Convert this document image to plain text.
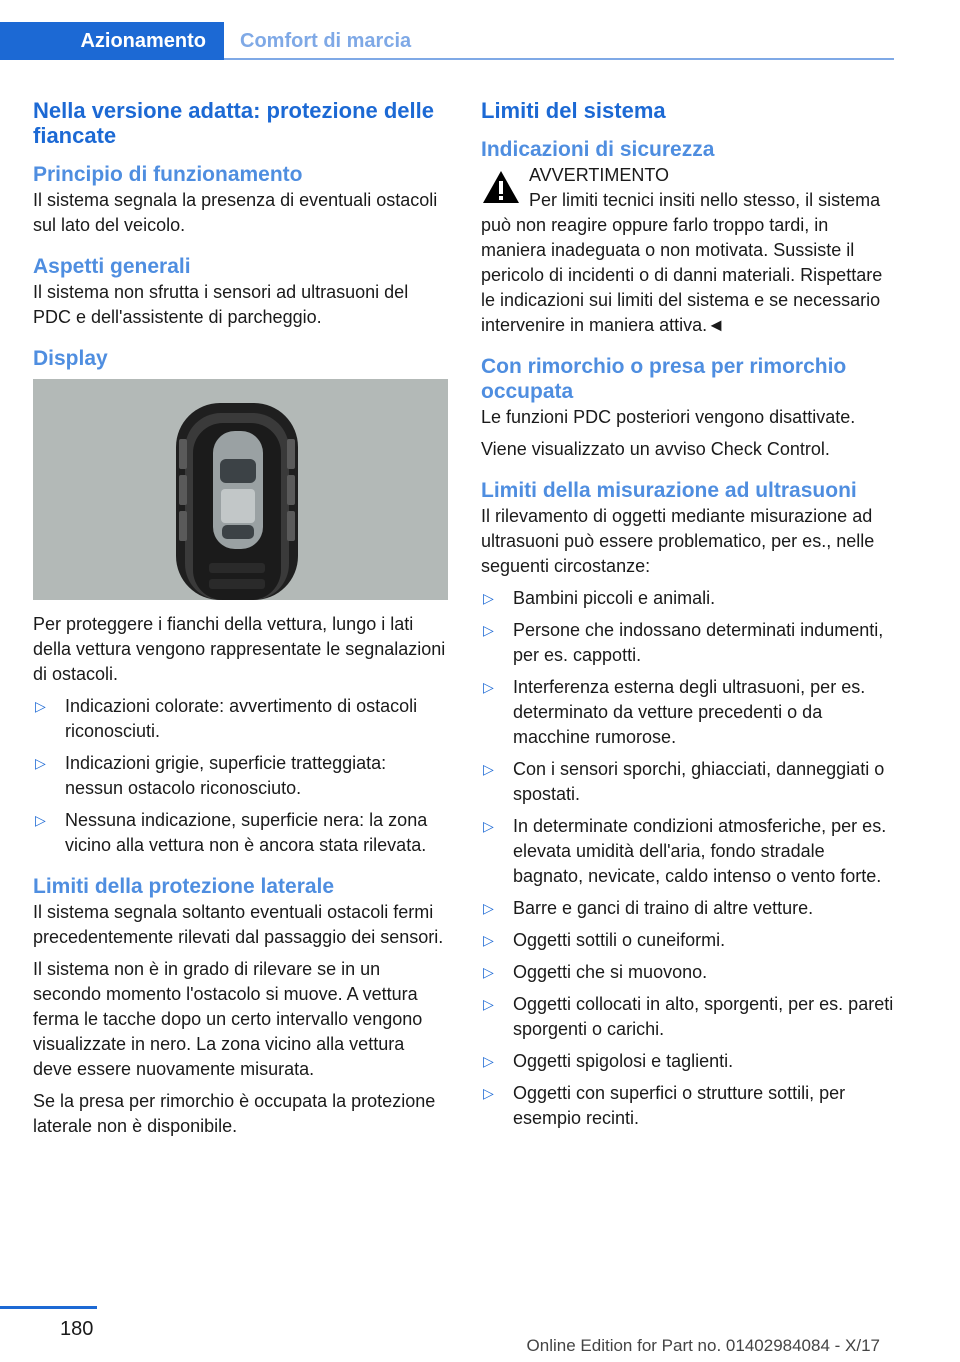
Azionamento	Comfort di marcia
Nella versione adatta: protezione delle fiancate
Principio di funzionamento
Il sistema segnala la presenza di eventuali ostacoli sul lato del veicolo.
Aspetti generali
Il sistema non sfrutta i sensori ad ultrasuoni del PDC e dell'assistente di parcheggio.
Display
Per proteggere i fianchi della vettura, lungo i lati della vettura vengono rappresentate le segnalazioni di ostacoli.
▷ Indicazioni colorate: avvertimento di ostacoli riconosciuti.
▷ Indicazioni grigie, superficie tratteggiata: nessun ostacolo riconosciuto.
▷ Nessuna indicazione, superficie nera: la zona vicino alla vettura non è ancora stata rilevata.
Limiti della protezione laterale
Il sistema segnala soltanto eventuali ostacoli fermi precedentemente rilevati dal passaggio dei sensori.
Il sistema non è in grado di rilevare se in un secondo momento l'ostacolo si muove. A vettura ferma le tacche dopo un certo intervallo vengono visualizzate in nero. La zona vicino alla vettura deve essere nuovamente misurata.
Se la presa per rimorchio è occupata la protezione laterale non è disponibile.
Limiti del sistema
Indicazioni di sicurezza
AVVERTIMENTO
Per limiti tecnici insiti nello stesso, il sistema può non reagire oppure farlo troppo tardi, in maniera inadeguata o non motivata. Sussiste il pericolo di incidenti o di danni materiali. Rispettare le indicazioni sui limiti del sistema e se necessario intervenire in maniera attiva.◄
Con rimorchio o presa per rimorchio occupata
Le funzioni PDC posteriori vengono disattivate.
Viene visualizzato un avviso Check Control.
Limiti della misurazione ad ultrasuoni
Il rilevamento di oggetti mediante misurazione ad ultrasuoni può essere problematico, per es., nelle seguenti circostanze:
▷ Bambini piccoli e animali.
▷ Persone che indossano determinati indumenti, per es. cappotti.
▷ Interferenza esterna degli ultrasuoni, per es. determinato da vetture precedenti o da macchine rumorose.
▷ Con i sensori sporchi, ghiacciati, danneggiati o spostati.
▷ In determinate condizioni atmosferiche, per es. elevata umidità dell'aria, fondo stradale bagnato, nevicate, caldo intenso o vento forte.
▷ Barre e ganci di traino di altre vetture.
▷ Oggetti sottili o cuneiformi.
▷ Oggetti che si muovono.
▷ Oggetti collocati in alto, sporgenti, per es. pareti sporgenti o carichi.
▷ Oggetti spigolosi e taglienti.
▷ Oggetti con superfici o strutture sottili, per esempio recinti.
180
Online Edition for Part no. 01402984084 - X/17
